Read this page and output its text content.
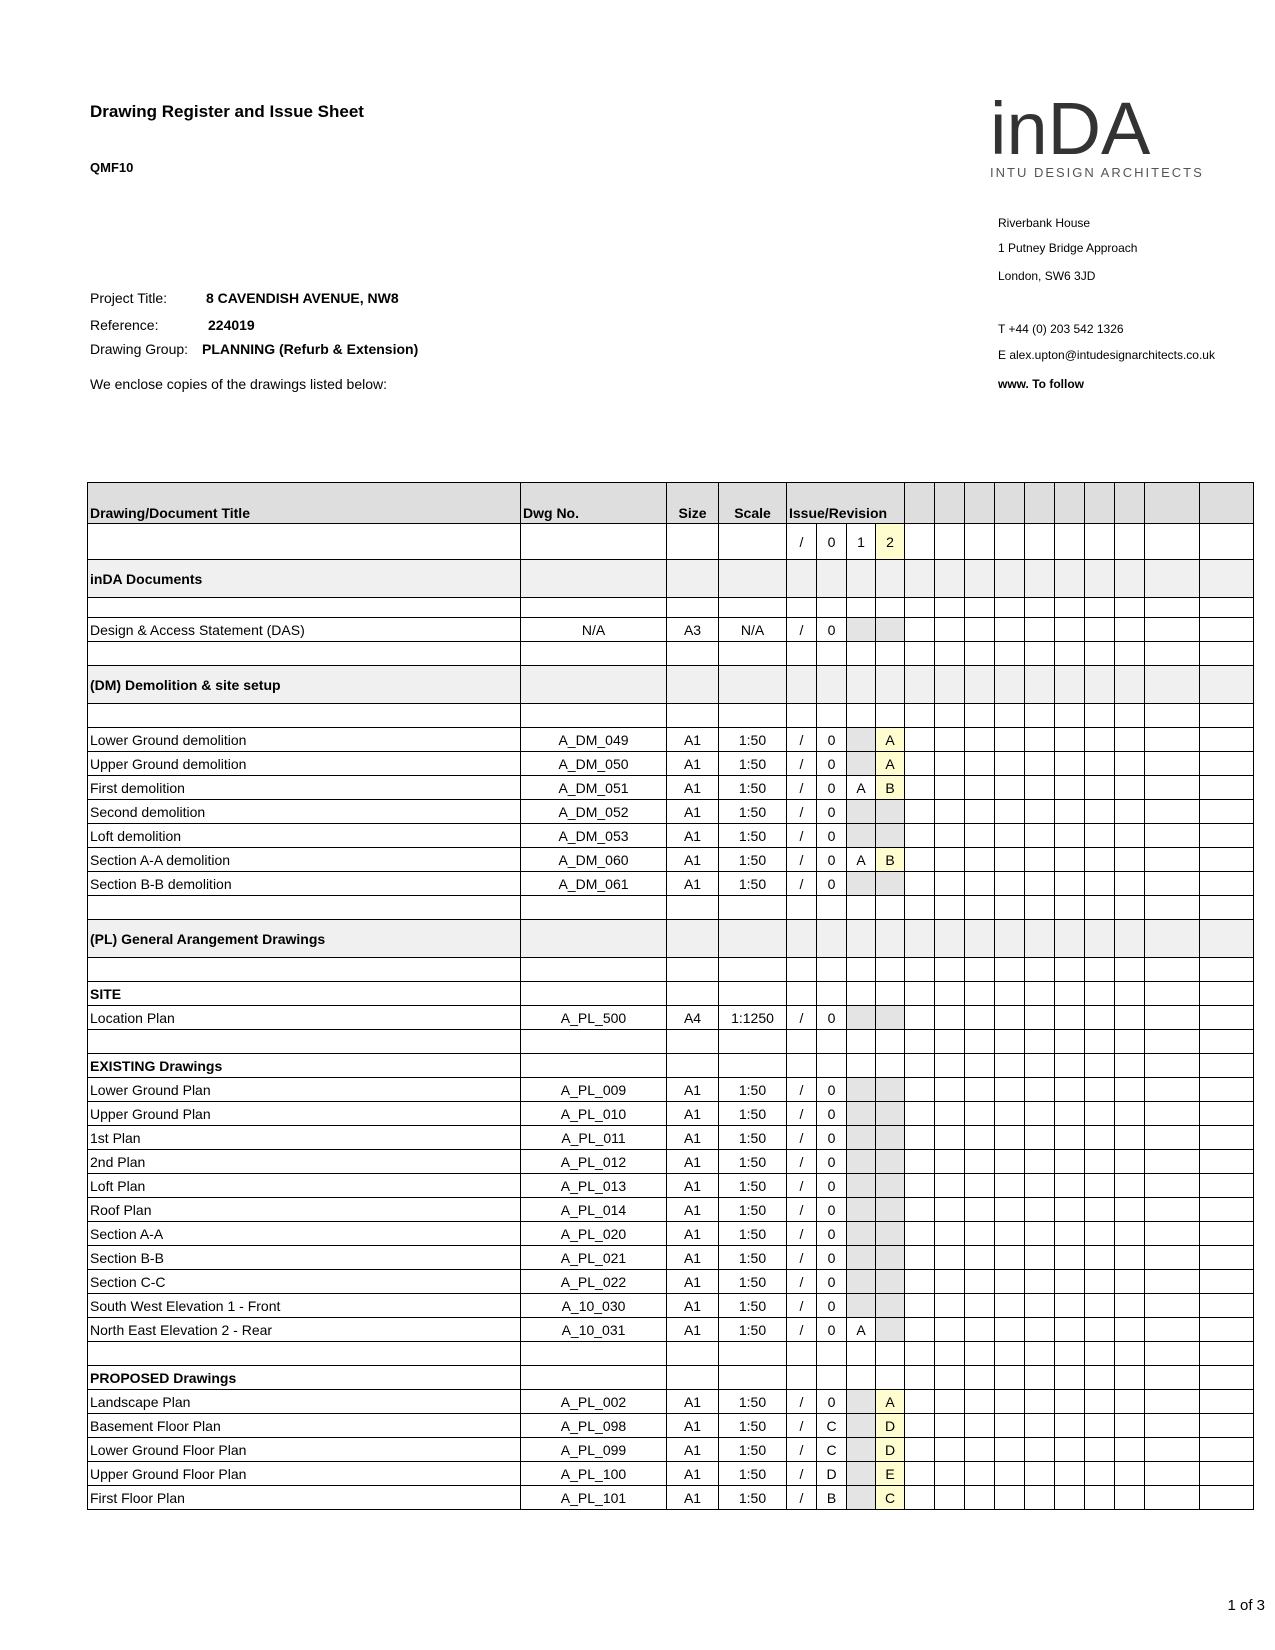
Drawing Register and Issue Sheet
QMF10
Project Title:	8 CAVENDISH AVENUE, NW8
Reference:	224019
Drawing Group: PLANNING (Refurb & Extension)
We enclose copies of the drawings listed below:
inDA
INTU DESIGN ARCHITECTS
Riverbank House
1 Putney Bridge Approach
London, SW6 3JD
T +44 (0) 203 542 1326
E alex.upton@intudesignarchitects.co.uk
www. To follow
Drawing/Document Title	Dwg No.	Size	Scale	Issue/Revision													
				/	0	1	2										
inDA Documents																	

Design & Access Statement (DAS)	N/A	A3	N/A	/	0												

(DM) Demolition & site setup																	

Lower Ground demolition	A_DM_049	A1	1:50	/	0		A										
Upper Ground demolition	A_DM_050	A1	1:50	/	0		A										
First demolition	A_DM_051	A1	1:50	/	0	A	B										
Second demolition	A_DM_052	A1	1:50	/	0												
Loft demolition	A_DM_053	A1	1:50	/	0												
Section A-A demolition	A_DM_060	A1	1:50	/	0	A	B										
Section B-B demolition	A_DM_061	A1	1:50	/	0												

(PL) General Arangement Drawings																	

SITE																	
Location Plan	A_PL_500	A4	1:1250	/	0												

EXISTING Drawings																	
Lower Ground Plan	A_PL_009	A1	1:50	/	0												
Upper Ground Plan	A_PL_010	A1	1:50	/	0												
1st Plan	A_PL_011	A1	1:50	/	0												
2nd Plan	A_PL_012	A1	1:50	/	0												
Loft Plan	A_PL_013	A1	1:50	/	0												
Roof Plan	A_PL_014	A1	1:50	/	0												
Section A-A	A_PL_020	A1	1:50	/	0												
Section B-B	A_PL_021	A1	1:50	/	0												
Section C-C	A_PL_022	A1	1:50	/	0												
South West Elevation 1 - Front	A_10_030	A1	1:50	/	0												
North East Elevation 2 - Rear	A_10_031	A1	1:50	/	0	A											

PROPOSED Drawings																	
Landscape Plan	A_PL_002	A1	1:50	/	0		A										
Basement Floor Plan	A_PL_098	A1	1:50	/	C		D										
Lower Ground Floor Plan	A_PL_099	A1	1:50	/	C		D										
Upper Ground Floor Plan	A_PL_100	A1	1:50	/	D		E										
First Floor Plan	A_PL_101	A1	1:50	/	B		C										
1 of 3
